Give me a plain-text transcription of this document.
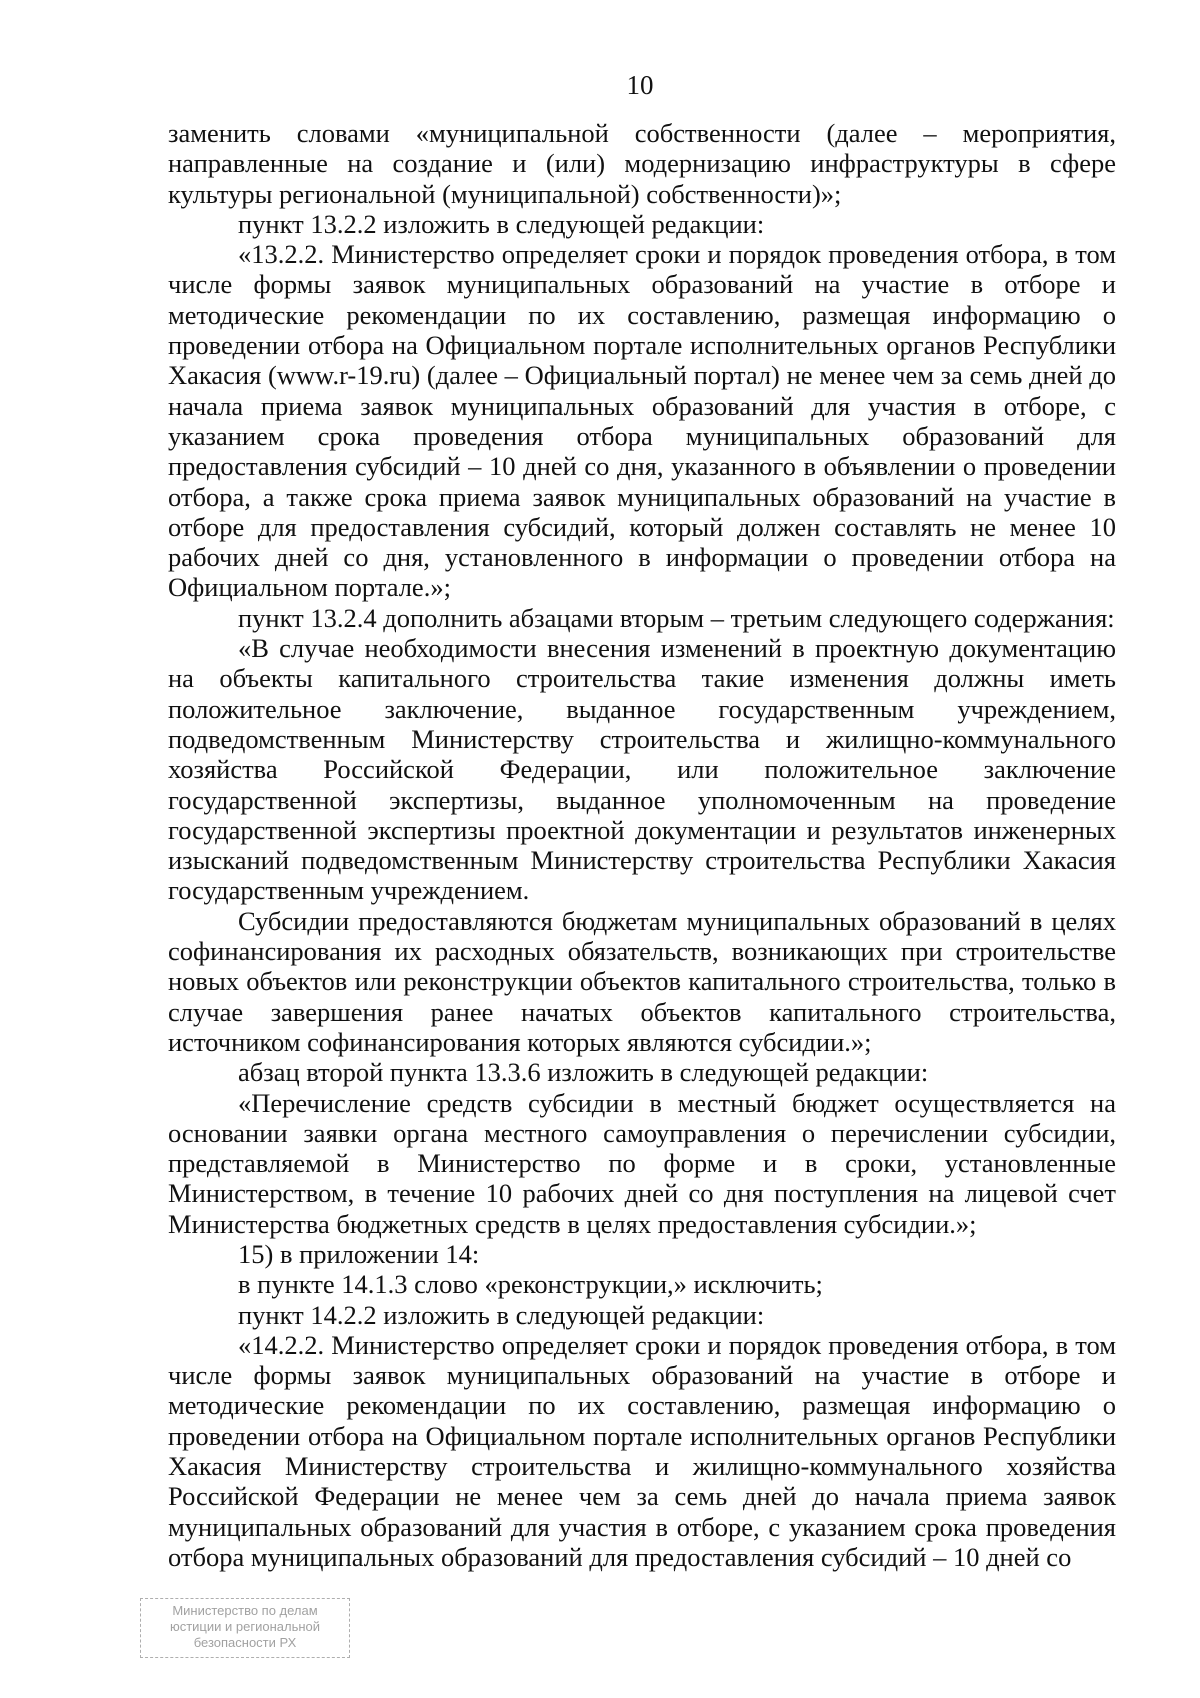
10

заменить словами «муниципальной собственности (далее – мероприятия, направленные на создание и (или) модернизацию инфраструктуры в сфере культуры региональной (муниципальной) собственности)»;

пункт 13.2.2 изложить в следующей редакции:

«13.2.2. Министерство определяет сроки и порядок проведения отбора, в том числе формы заявок муниципальных образований на участие в отборе и методические рекомендации по их составлению, размещая информацию о проведении отбора на Официальном портале исполнительных органов Республики Хакасия (www.r-19.ru) (далее – Официальный портал) не менее чем за семь дней до начала приема заявок муниципальных образований для участия в отборе, с указанием срока проведения отбора муниципальных образований для предоставления субсидий – 10 дней со дня, указанного в объявлении о проведении отбора, а также срока приема заявок муниципальных образований на участие в отборе для предоставления субсидий, который должен составлять не менее 10 рабочих дней со дня, установленного в информации о проведении отбора на Официальном портале.»;

пункт 13.2.4 дополнить абзацами вторым – третьим следующего содержания:

«В случае необходимости внесения изменений в проектную документацию на объекты капитального строительства такие изменения должны иметь положительное заключение, выданное государственным учреждением, подведомственным Министерству строительства и жилищно-коммунального хозяйства Российской Федерации, или положительное заключение государственной экспертизы, выданное уполномоченным на проведение государственной экспертизы проектной документации и результатов инженерных изысканий подведомственным Министерству строительства Республики Хакасия государственным учреждением.

Субсидии предоставляются бюджетам муниципальных образований в целях софинансирования их расходных обязательств, возникающих при строительстве новых объектов или реконструкции объектов капитального строительства, только в случае завершения ранее начатых объектов капитального строительства, источником софинансирования которых являются субсидии.»;

абзац второй пункта 13.3.6 изложить в следующей редакции:

«Перечисление средств субсидии в местный бюджет осуществляется на основании заявки органа местного самоуправления о перечислении субсидии, представляемой в Министерство по форме и в сроки, установленные Министерством, в течение 10 рабочих дней со дня поступления на лицевой счет Министерства бюджетных средств в целях предоставления субсидии.»;

15) в приложении 14:

в пункте 14.1.3 слово «реконструкции,» исключить;

пункт 14.2.2 изложить в следующей редакции:

«14.2.2. Министерство определяет сроки и порядок проведения отбора, в том числе формы заявок муниципальных образований на участие в отборе и методические рекомендации по их составлению, размещая информацию о проведении отбора на Официальном портале исполнительных органов Республики Хакасия Министерству строительства и жилищно-коммунального хозяйства Российской Федерации не менее чем за семь дней до начала приема заявок муниципальных образований для участия в отборе, с указанием срока проведения отбора муниципальных образований для предоставления субсидий – 10 дней со

Министерство по делам
юстиции и региональной
безопасности РХ
